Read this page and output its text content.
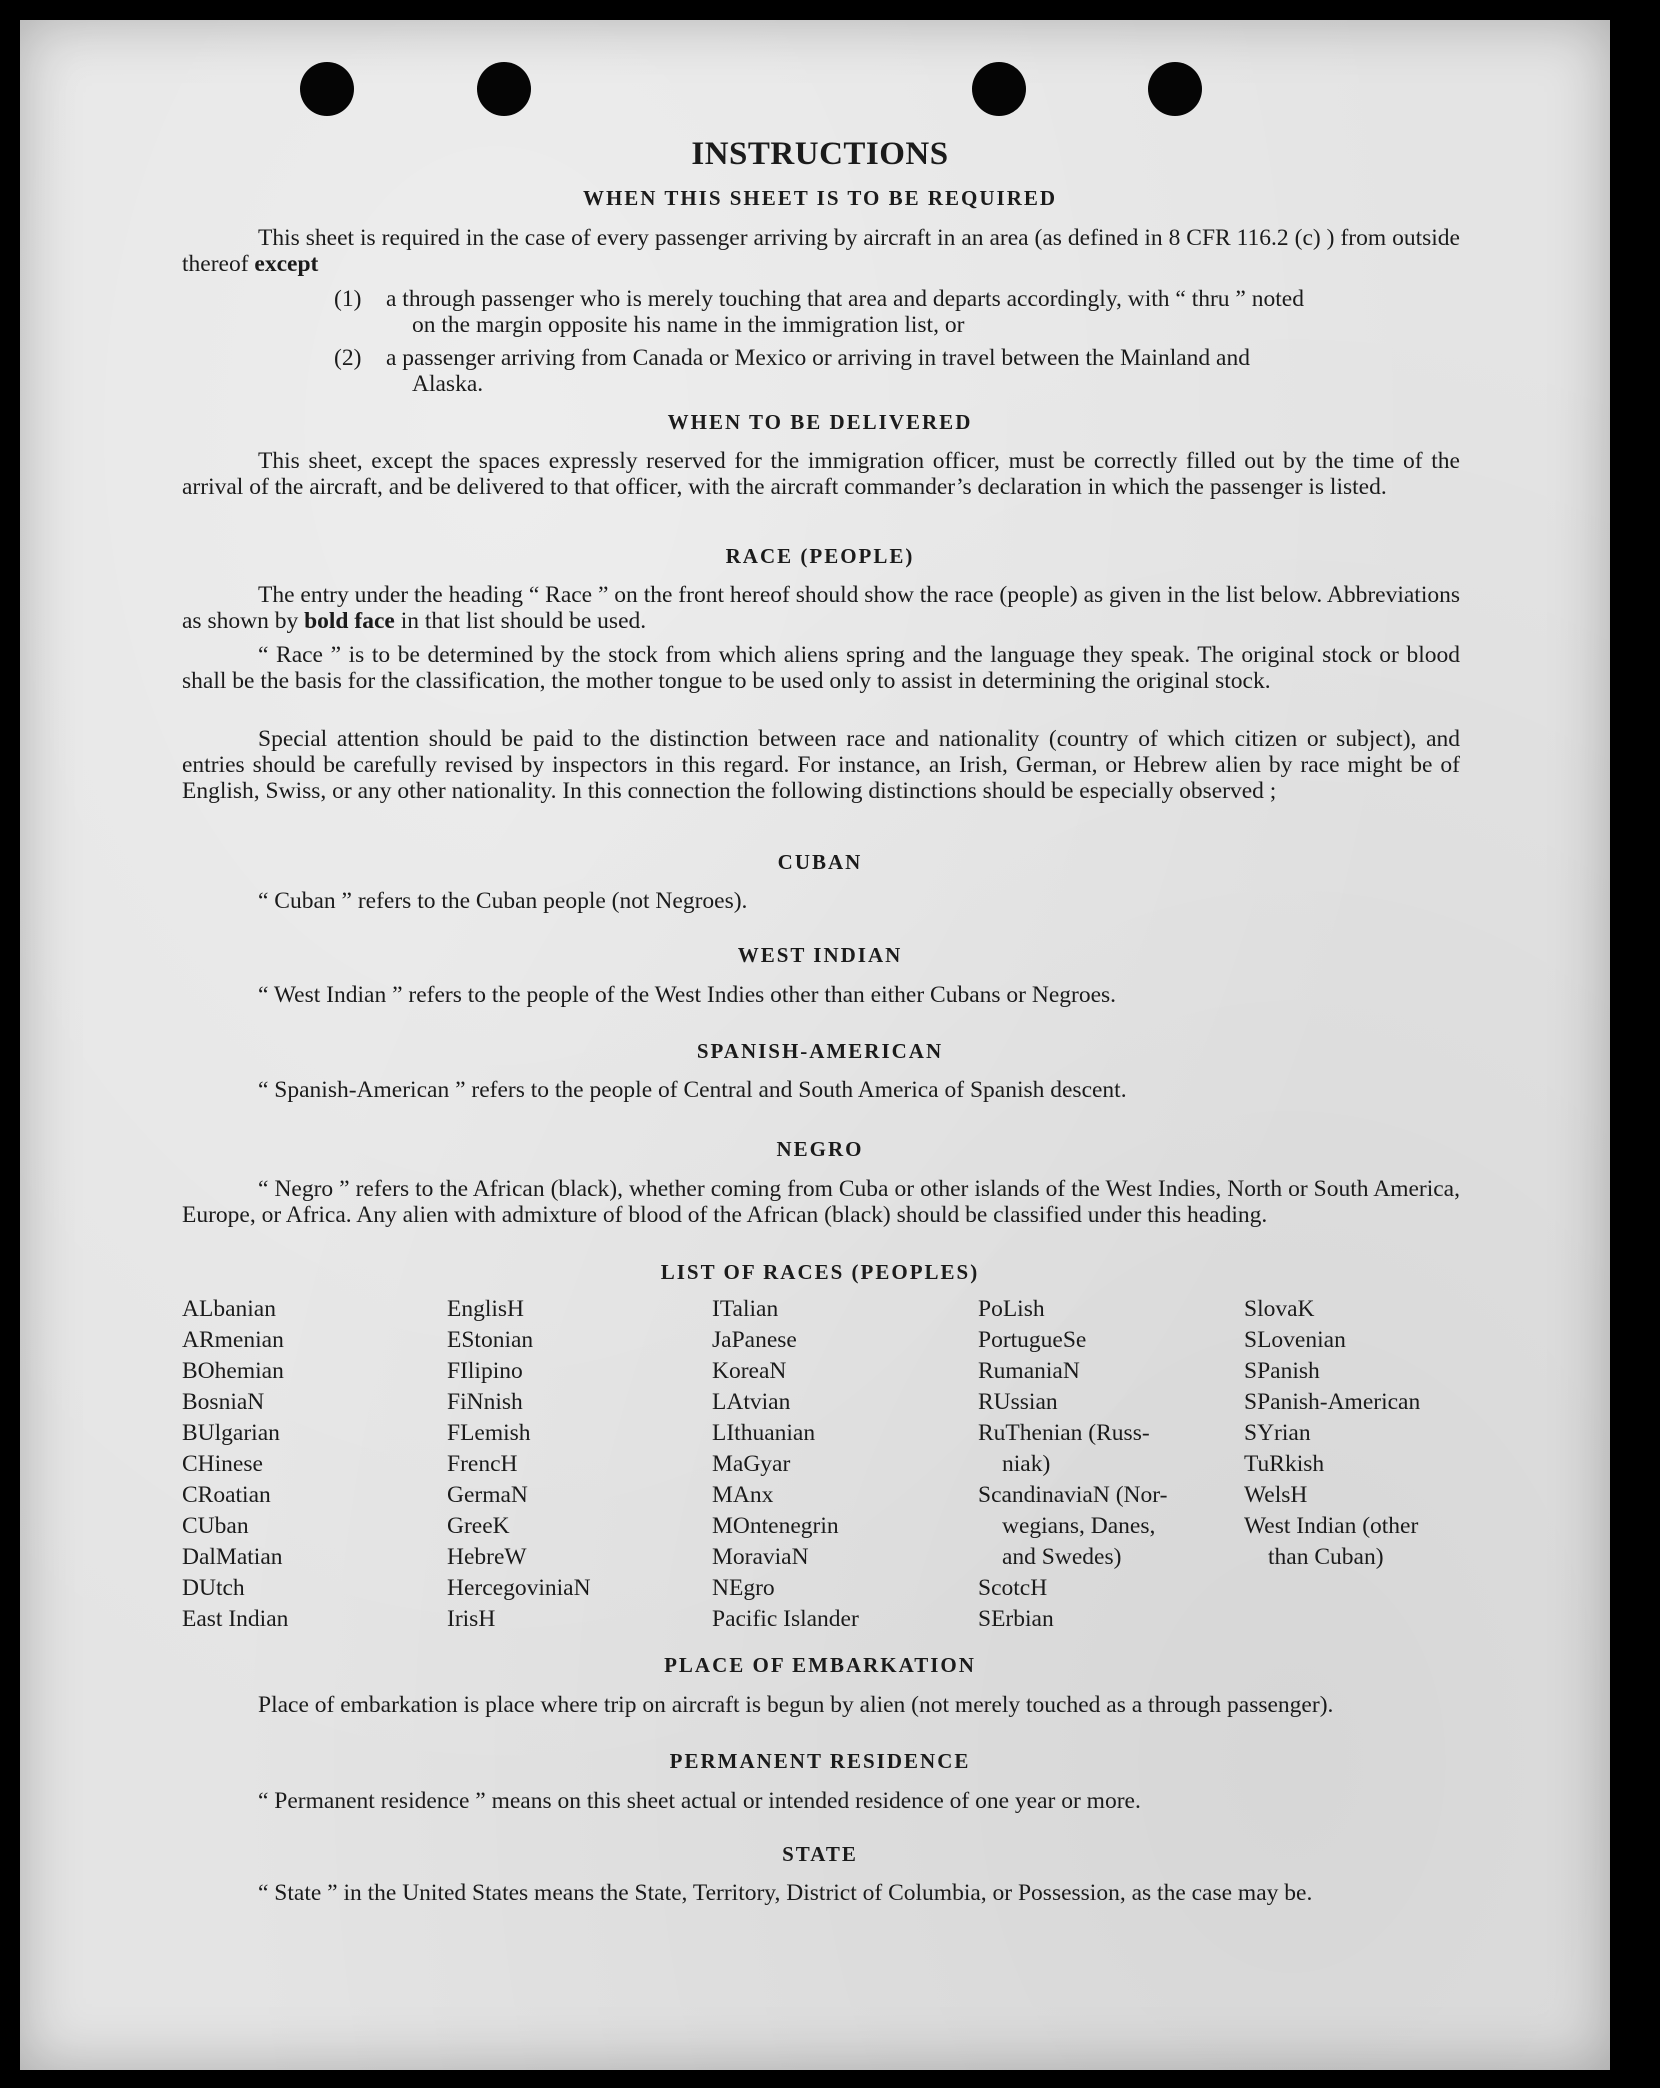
INSTRUCTIONS
WHEN THIS SHEET IS TO BE REQUIRED
This sheet is required in the case of every passenger arriving by aircraft in an area (as defined in 8 CFR 116.2 (c) ) from outside thereof except
(1) a through passenger who is merely touching that area and departs accordingly, with “ thru ” noted
on the margin opposite his name in the immigration list, or
(2) a passenger arriving from Canada or Mexico or arriving in travel between the Mainland and
Alaska.
WHEN TO BE DELIVERED
This sheet, except the spaces expressly reserved for the immigration officer, must be correctly filled out by the time of the arrival of the aircraft, and be delivered to that officer, with the aircraft commander’s declaration in which the passenger is listed.
RACE (PEOPLE)
The entry under the heading “ Race ” on the front hereof should show the race (people) as given in the list below. Abbreviations as shown by bold face in that list should be used.
“ Race ” is to be determined by the stock from which aliens spring and the language they speak. The original stock or blood shall be the basis for the classification, the mother tongue to be used only to assist in determining the original stock.
Special attention should be paid to the distinction between race and nationality (country of which citizen or subject), and entries should be carefully revised by inspectors in this regard. For instance, an Irish, German, or Hebrew alien by race might be of English, Swiss, or any other nationality. In this connection the following distinctions should be especially observed ;
CUBAN
“ Cuban ” refers to the Cuban people (not Negroes).
WEST INDIAN
“ West Indian ” refers to the people of the West Indies other than either Cubans or Negroes.
SPANISH-AMERICAN
“ Spanish-American ” refers to the people of Central and South America of Spanish descent.
NEGRO
“ Negro ” refers to the African (black), whether coming from Cuba or other islands of the West Indies, North or South America, Europe, or Africa. Any alien with admixture of blood of the African (black) should be classified under this heading.
LIST OF RACES (PEOPLES)
ALbanian
ARmenian
BOhemian
BosniaN
BUlgarian
CHinese
CRoatian
CUban
DalMatian
DUtch
East Indian
EnglisH
EStonian
FIlipino
FiNnish
FLemish
FrencH
GermaN
GreeK
HebreW
HercegoviniaN
IrisH
ITalian
JaPanese
KoreaN
LAtvian
LIthuanian
MaGyar
MAnx
MOntenegrin
MoraviaN
NEgro
Pacific Islander
PoLish
PortugueSe
RumaniaN
RUssian
RuThenian (Russ-
niak)
ScandinaviaN (Nor-
wegians, Danes,
and Swedes)
ScotcH
SErbian
SlovaK
SLovenian
SPanish
SPanish-American
SYrian
TuRkish
WelsH
West Indian (other
than Cuban)
PLACE OF EMBARKATION
Place of embarkation is place where trip on aircraft is begun by alien (not merely touched as a through passenger).
PERMANENT RESIDENCE
“ Permanent residence ” means on this sheet actual or intended residence of one year or more.
STATE
“ State ” in the United States means the State, Territory, District of Columbia, or Possession, as the case may be.
